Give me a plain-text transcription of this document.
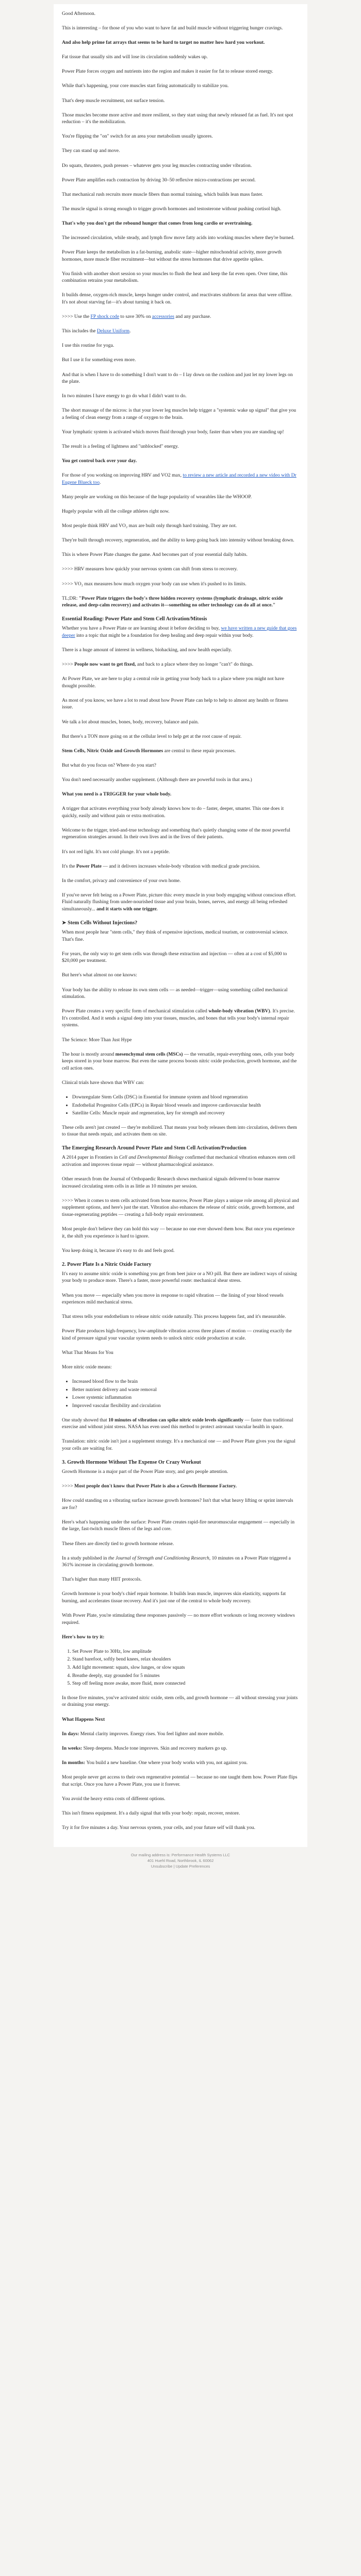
Good Afternoon.

This is interesting – for those of you who want to have fat and build muscle without triggering hunger cravings.

And also help prime fat arrays that seems to be hard to target no matter how hard you workout.

Fat tissue that usually sits and will lose its circulation suddenly wakes up.

Power Plate forces oxygen and nutrients into the region and makes it easier for fat to release stored energy.

While that's happening, your core muscles start firing automatically to stabilize you.

That's deep muscle recruitment, not surface tension.

Those muscles become more active and more resilient, so they start using that newly released fat as fuel. It's not spot reduction – it's the mobilization.

You're flipping the "on" switch for an area your metabolism usually ignores.

They can stand up and move.

Do squats, thrusters, push presses – whatever gets your leg muscles contracting under vibration.

Power Plate amplifies each contraction by driving 30–50 reflexive micro-contractions per second.

That mechanical rush recruits more muscle fibers than normal training, which builds lean mass faster.

The muscle signal is strong enough to trigger growth hormones and testosterone without pushing cortisol high.

That's why you don't get the rebound hunger that comes from long cardio or overtraining.

The increased circulation, while steady, and lymph flow move fatty acids into working muscles where they're burned.

Power Plate keeps the metabolism in a fat-burning, anabolic state—higher mitochondrial activity, more growth hormones, more muscle fiber recruitment—but without the stress hormones that drive appetite spikes.

You finish with another short session so your muscles to flush the heat and keep the fat even open. Over time, this combination retrains your metabolism.

It builds dense, oxygen-rich muscle, keeps hunger under control, and reactivates stubborn fat areas that were offline. It's not about starving fat—it's about turning it back on.

>>>> Use the FP shock code to save 30% on accessories and any purchase.

This includes the Deluxe Uniform.

I use this routine for yoga.

But I use it for something even more.

And that is when I have to do something I don't want to do – I lay down on the cushion and just let my lower legs on the plate.

In two minutes I have energy to go do what I didn't want to do.

The short massage of the micros: is that your lower leg muscles help trigger a "systemic wake up signal" that give you a feeling of clean energy from a range of oxygen to the brain.

Your lymphatic system is activated which moves fluid through your body, faster than when you are standing up!

The result is a feeling of lightness and "unblocked" energy.

You get control back over your day.

For those of you working on improving HRV and VO2 max, to review a new article and recorded a new video with Dr Eugene Blueck too.

Many people are working on this because of the huge popularity of wearables like the WHOOP.

Hugely popular with all the college athletes right now.

Most people think HRV and VO₂ max are built only through hard training. They are not.

They're built through recovery, regeneration, and the ability to keep going back into intensity without breaking down.

This is where Power Plate changes the game. And becomes part of your essential daily habits.

>>>> HRV measures how quickly your nervous system can shift from stress to recovery.

>>>> VO₂ max measures how much oxygen your body can use when it's pushed to its limits.

TL;DR: "Power Plate triggers the body's three hidden recovery systems (lymphatic drainage, nitric oxide release, and deep-calm recovery) and activates it—something no other technology can do all at once."

Essential Reading: Power Plate and Stem Cell Activation/Mitosis

Whether you have a Power Plate or are learning about it before deciding to buy, we have written a new guide that goes deeper into a topic that might be a foundation for deep healing and deep repair within your body.

There is a huge amount of interest in wellness, biohacking, and now health especially.

>>>> People now want to get fixed, and back to a place where they no longer "can't" do things.

At Power Plate, we are here to play a central role in getting your body back to a place where you might not have thought possible.

As most of you know, we have a lot to read about how Power Plate can help to help to almost any health or fitness issue.

We talk a lot about muscles, bones, body, recovery, balance and pain.

But there's a TON more going on at the cellular level to help get at the root cause of repair.

Stem Cells, Nitric Oxide and Growth Hormones are central to these repair processes.

But what do you focus on? Where do you start?

You don't need necessarily another supplement. (Although there are powerful tools in that area.)

What you need is a TRIGGER for your whole body.

A trigger that activates everything your body already knows how to do – faster, deeper, smarter. This one does it quickly, easily and without pain or extra motivation.

Welcome to the trigger, tried-and-true technology and something that's quietly changing some of the most powerful regeneration strategies around. In their own lives and in the lives of their patients.

It's not red light. It's not cold plunge. It's not a peptide.

It's the Power Plate — and it delivers increases whole-body vibration with medical grade precision.

In the comfort, privacy and convenience of your own home.

If you've never felt being on a Power Plate, picture this: every muscle in your body engaging without conscious effort. Fluid naturally flushing from under-nourished tissue and your brain, bones, nerves, and energy all being refreshed simultaneously... and it starts with one trigger.

➤ Stem Cells Without Injections?

When most people hear "stem cells," they think of expensive injections, medical tourism, or controversial science. That's fine.

For years, the only way to get stem cells was through these extraction and injection — often at a cost of $5,000 to $20,000 per treatment.

But here's what almost no one knows:

Your body has the ability to release its own stem cells — as needed—trigger—using something called mechanical stimulation.

Power Plate creates a very specific form of mechanical stimulation called whole-body vibration (WBV). It's precise. It's controlled. And it sends a signal deep into your tissues, muscles, and bones that tells your body's internal repair systems.

The Science: More Than Just Hype

The hour is mostly around mesenchymal stem cells (MSCs) — the versatile, repair-everything ones, cells your body keeps stored in your bone marrow. But even the same process boosts nitric oxide production, growth hormone, and the cell action ones.

Clinical trials have shown that WBV can:

• Downregulate Stem Cells (DSC) in Essential for immune system and blood regeneration
• Endothelial Progenitor Cells (EPCs) in Repair blood vessels and improve cardiovascular health
• Satellite Cells: Muscle repair and regeneration, key for strength and recovery

These cells aren't just created — they're mobilized. That means your body releases them into circulation, delivers them to tissue that needs repair, and activates them on site.

The Emerging Research Around Power Plate and Stem Cell Activation/Production

A 2014 paper in Frontiers in Cell and Developmental Biology confirmed that mechanical vibration enhances stem cell activation and improves tissue repair — without pharmacological assistance.

Other research from the Journal of Orthopaedic Research shows mechanical signals delivered to bone marrow increased circulating stem cells in as little as 10 minutes per session.

>>>> When it comes to stem cells activated from bone marrow, Power Plate plays a unique role among all physical and supplement options, and here's just the start. Vibration also enhances the release of nitric oxide, growth hormone, and tissue-regenerating peptides — creating a full-body repair environment.

Most people don't believe they can hold this way — because no one ever showed them how. But once you experience it, the shift you experience is hard to ignore.

You keep doing it, because it's easy to do and feels good.

2. Power Plate Is a Nitric Oxide Factory

It's easy to assume nitric oxide is something you get from beet juice or a NO pill. But there are indirect ways of raising your body to produce more. There's a faster, more powerful route: mechanical shear stress.

When you move — especially when you move in response to rapid vibration — the lining of your blood vessels experiences mild mechanical stress.

That stress tells your endothelium to release nitric oxide naturally. This process happens fast, and it's measurable.

Power Plate produces high-frequency, low-amplitude vibration across three planes of motion — creating exactly the kind of pressure signal your vascular system needs to unlock nitric oxide production at scale.

What That Means for You

More nitric oxide means:

• Increased blood flow to the brain
• Better nutrient delivery and waste removal
• Lower systemic inflammation
• Improved vascular flexibility and circulation

One study showed that 10 minutes of vibration can spike nitric oxide levels significantly — faster than traditional exercise and without joint stress. NASA has even used this method to protect astronaut vascular health in space.

Translation: nitric oxide isn't just a supplement strategy. It's a mechanical one — and Power Plate gives you the signal your cells are waiting for.

3. Growth Hormone Without The Expense Or Crazy Workout

Growth Hormone is a major part of the Power Plate story, and gets people attention.

>>>> Most people don't know that Power Plate is also a Growth Hormone Factory.

How could standing on a vibrating surface increase growth hormones? Isn't that what heavy lifting or sprint intervals are for?

Here's what's happening under the surface: Power Plate creates rapid-fire neuromuscular engagement — especially in the large, fast-twitch muscle fibers of the legs and core.

These fibers are directly tied to growth hormone release.

In a study published in the Journal of Strength and Conditioning Research, 10 minutes on a Power Plate triggered a 361% increase in circulating growth hormone.

That's higher than many HIIT protocols.

Growth hormone is your body's chief repair hormone. It builds lean muscle, improves skin elasticity, supports fat burning, and accelerates tissue recovery. And it's just one of the central to whole body recovery.

With Power Plate, you're stimulating these responses passively — no more effort workouts or long recovery windows required.

Here's how to try it:

1. Set Power Plate to 30Hz, low amplitude
2. Stand barefoot, softly bend knees, relax shoulders
3. Add light movement: squats, slow lunges, or slow squats
4. Breathe deeply, stay grounded for 5 minutes
5. Step off feeling more awake, more fluid, more connected

In those five minutes, you've activated nitric oxide, stem cells, and growth hormone — all without stressing your joints or draining your energy.

What Happens Next

In days: Mental clarity improves. Energy rises. You feel lighter and more mobile.

In weeks: Sleep deepens. Muscle tone improves. Skin and recovery markers go up.

In months: You build a new baseline. One where your body works with you, not against you.

Most people never get access to their own regenerative potential — because no one taught them how. Power Plate flips that script. Once you have a Power Plate, you use it forever.

You avoid the heavy extra costs of different options.

This isn't fitness equipment. It's a daily signal that tells your body: repair, recover, restore.

Try it for five minutes a day. Your nervous system, your cells, and your future self will thank you.

Our mailing address is: Performance Health Systems LLC
401 Huehl Road, Northbrook, IL 60062
Unsubscribe | Update Preferences
